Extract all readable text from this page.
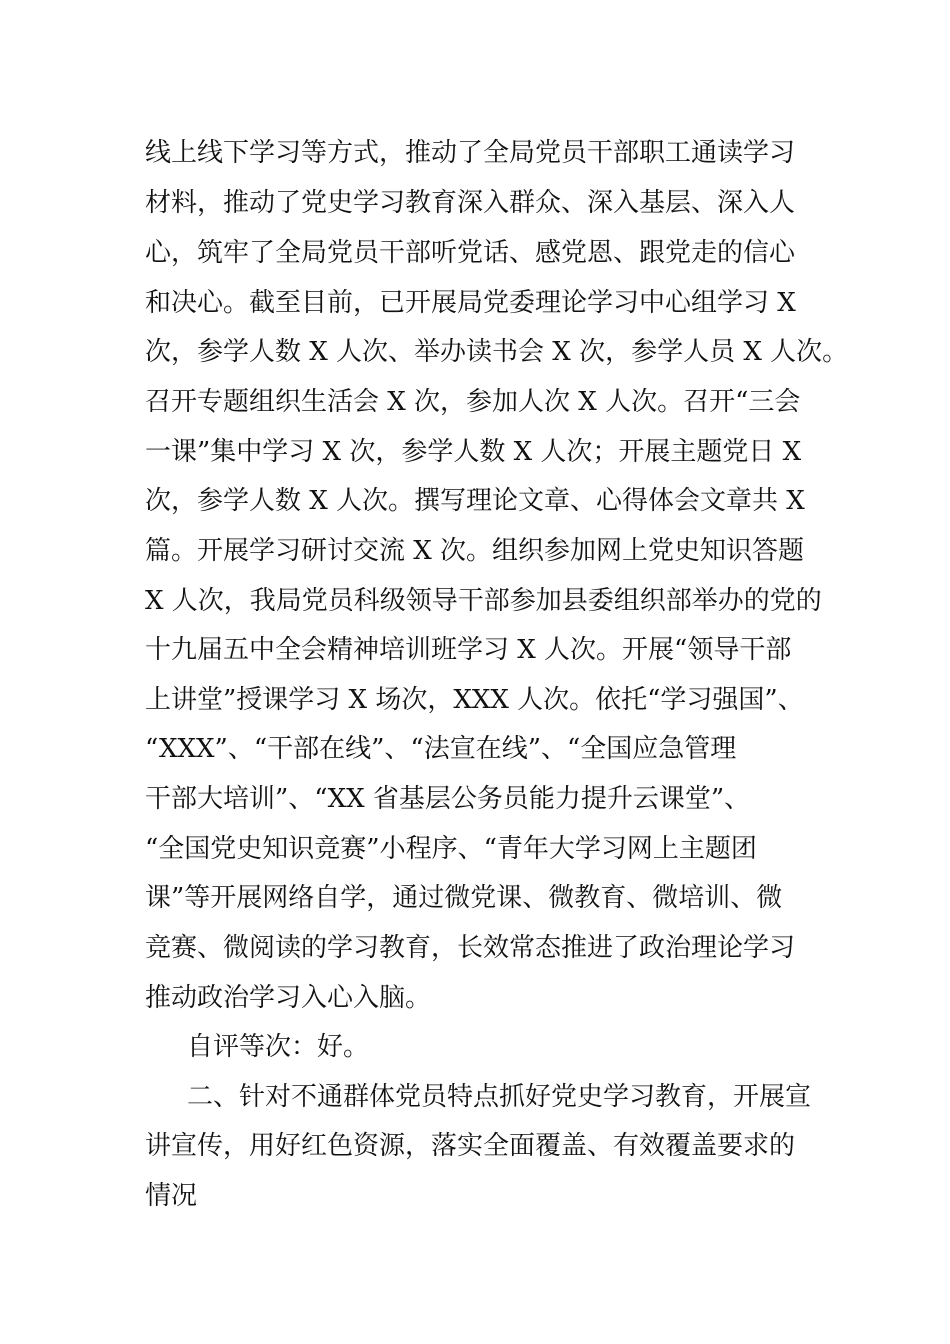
线上线下学习等方式，推动了全局党员干部职工通读学习
材料，推动了党史学习教育深入群众、深入基层、深入人
心，筑牢了全局党员干部听党话、感党恩、跟党走的信心
和决心。截至目前，已开展局党委理论学习中心组学习 X
次，参学人数 X 人次、举办读书会 X 次，参学人员 X 人次。
召开专题组织生活会 X 次，参加人次 X 人次。召开“三会
一课”集中学习 X 次，参学人数 X 人次；开展主题党日 X
次，参学人数 X 人次。撰写理论文章、心得体会文章共 X
篇。开展学习研讨交流 X 次。组织参加网上党史知识答题
X 人次，我局党员科级领导干部参加县委组织部举办的党的
十九届五中全会精神培训班学习 X 人次。开展“领导干部
上讲堂”授课学习 X 场次，XXX 人次。依托“学习强国”、
“XXX”、“干部在线”、“法宣在线”、“全国应急管理
干部大培训”、“XX 省基层公务员能力提升云课堂”、
“全国党史知识竞赛”小程序、“青年大学习网上主题团
课”等开展网络自学，通过微党课、微教育、微培训、微
竞赛、微阅读的学习教育，长效常态推进了政治理论学习
推动政治学习入心入脑。
自评等次：好。
二、针对不通群体党员特点抓好党史学习教育，开展宣
讲宣传，用好红色资源，落实全面覆盖、有效覆盖要求的
情况
